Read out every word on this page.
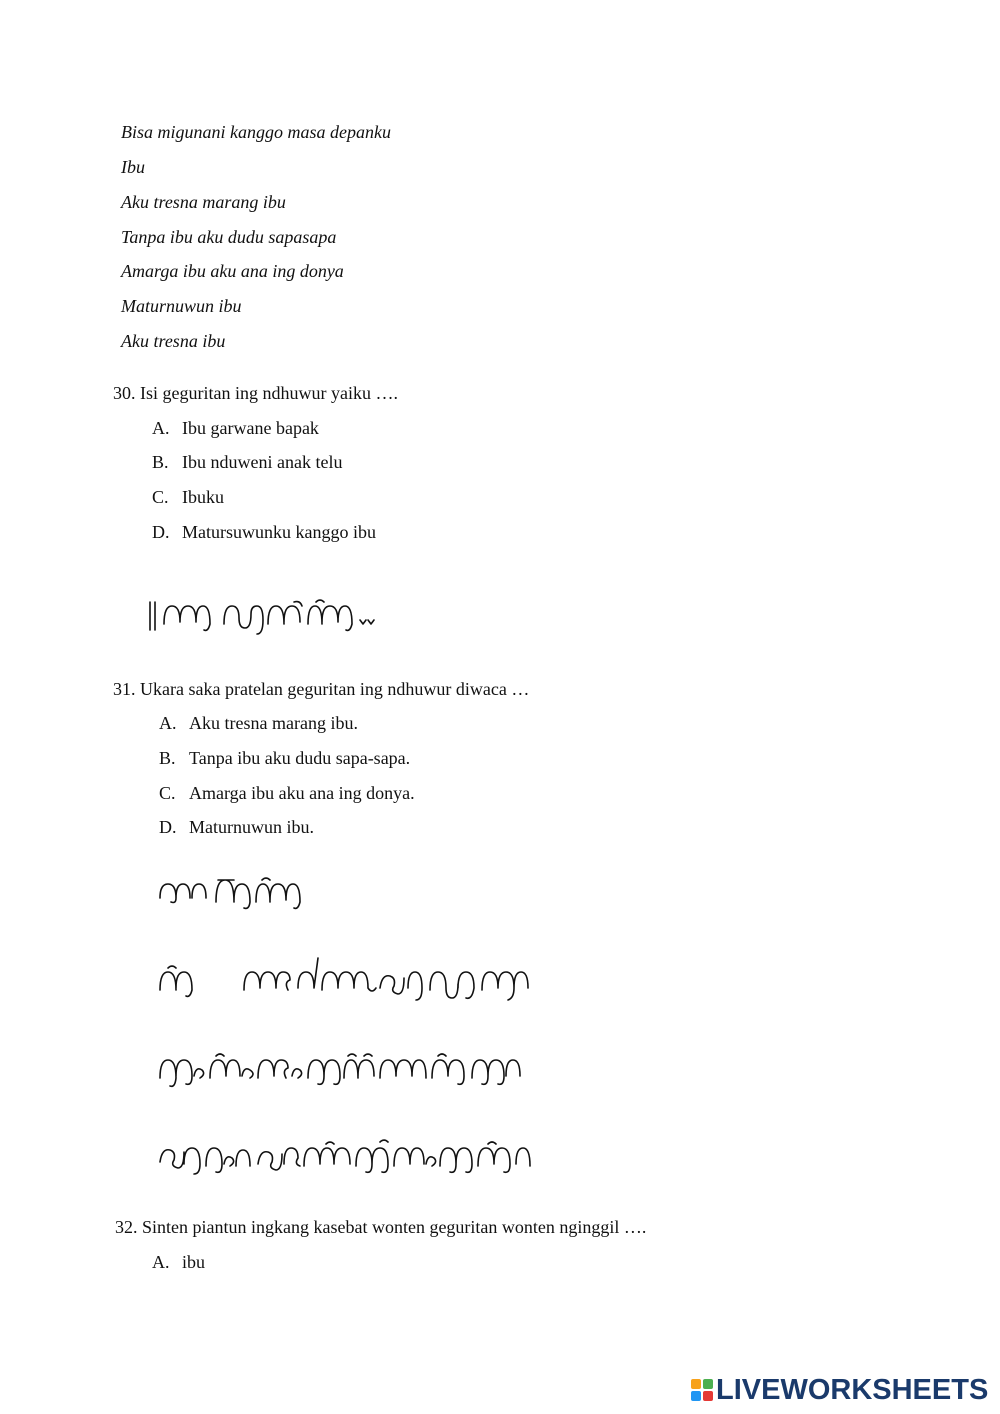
Bisa migunani kanggo masa depanku
Ibu
Aku tresna marang ibu
Tanpa ibu aku dudu sapasapa
Amarga ibu aku ana ing donya
Maturnuwun ibu
Aku tresna ibu
30. Isi geguritan ing ndhuwur yaiku ….
A. Ibu garwane bapak
B. Ibu nduweni anak telu
C. Ibuku
D. Matursuwunku kanggo ibu
31. Ukara saka pratelan geguritan ing ndhuwur diwaca …
A. Aku tresna marang ibu.
B. Tanpa ibu aku dudu sapa-sapa.
C. Amarga ibu aku ana ing donya.
D. Maturnuwun ibu.
32. Sinten piantun ingkang kasebat wonten geguritan wonten nginggil ….
A. ibu
LIVEWORKSHEETS
